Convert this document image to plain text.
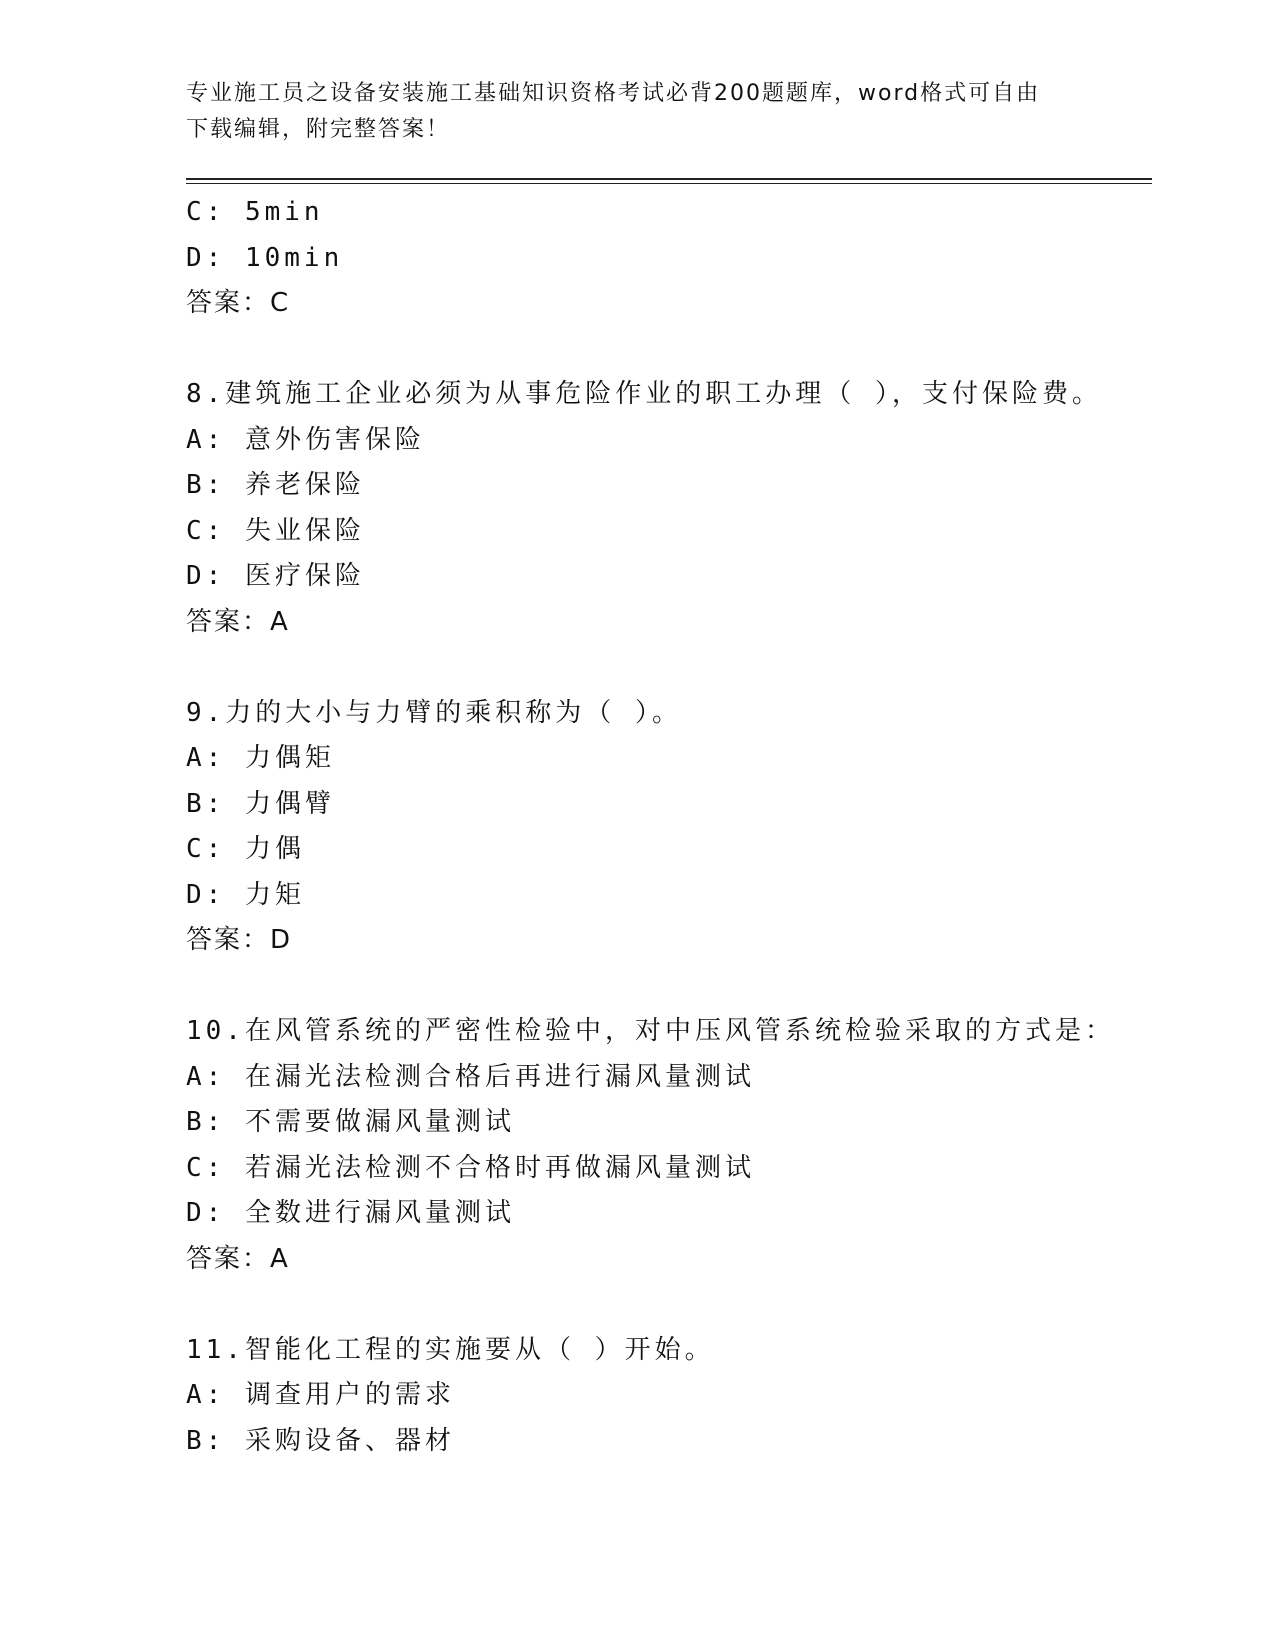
专业施工员之设备安装施工基础知识资格考试必背200题题库，word格式可自由
下载编辑，附完整答案！
C: 5min
D: 10min
答案：C
8.建筑施工企业必须为从事危险作业的职工办理（ ），支付保险费。
A: 意外伤害保险
B: 养老保险
C: 失业保险
D: 医疗保险
答案：A
9.力的大小与力臂的乘积称为（ ）。
A: 力偶矩
B: 力偶臂
C: 力偶
D: 力矩
答案：D
10.在风管系统的严密性检验中，对中压风管系统检验采取的方式是：
A: 在漏光法检测合格后再进行漏风量测试
B: 不需要做漏风量测试
C: 若漏光法检测不合格时再做漏风量测试
D: 全数进行漏风量测试
答案：A
11.智能化工程的实施要从（ ）开始。
A: 调查用户的需求
B: 采购设备、器材
